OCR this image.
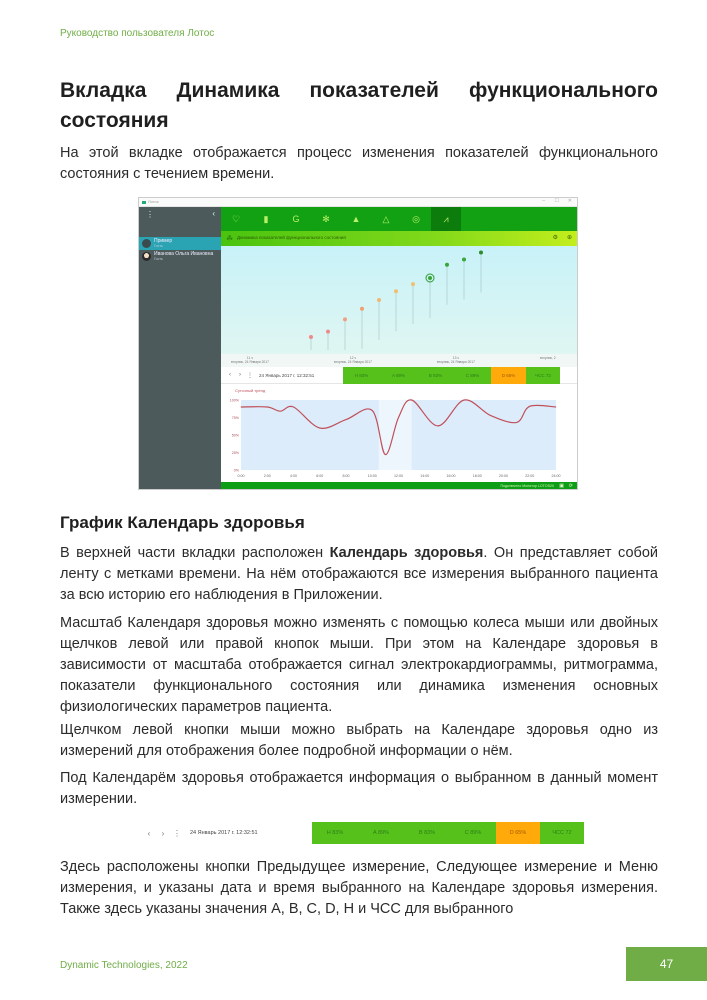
Руководство пользователя Лотос
Вкладка Динамика показателей функционального
состояния
На этой вкладке отображается процесс изменения показателей функционального состояния с течением времени.
Лотос	– ☐ ✕
⋮	‹
Пример
Гость
Иванова Ольга Ивановна
Гость
♡	▮	G	✻ ▲ △	◎	⩘
☘ Динамика показателей функционального состояния	⚙ ⊕
11 ч
вторник, 24 Января 2017
12 ч
вторник, 24 Января 2017
13 ч
вторник, 24 Января 2017
вторник, 2
‹	›	⋮	24 Январь 2017 г. 12:32:51	H 83%	A 89%	B 83%	C 89%	D 65%	ЧСС 72
Суточный тренд
0%
25%
50%
75%
100%
0:00	2:00	4:00	6:00	8:00	10:00	12:00	14:00	16:00	18:00	20:00	22:00	24:00
Подключено Монитор LOTOS20 ▣ ⟳
График Календарь здоровья
В верхней части вкладки расположен Календарь здоровья. Он представляет собой ленту с метками времени. На нём отображаются все измерения выбранного пациента за всю историю его наблюдения в Приложении.
Масштаб Календаря здоровья можно изменять с помощью колеса мыши или двойных щелчков левой или правой кнопок мыши. При этом на Календаре здоровья в зависимости от масштаба отображается сигнал электрокардиограммы, ритмограмма, показатели функционального состояния или динамика изменения основных физиологических параметров пациента.
Щелчком левой кнопки мыши можно выбрать на Календаре здоровья одно из измерений для отображения более подробной информации о нём.
Под Календарём здоровья отображается информация о выбранном в данный момент измерении.
‹	›	⋮	24 Январь 2017 г. 12:32:51	H 83%	A 89%	B 83%	C 89%	D 65%	ЧСС 72
Здесь расположены кнопки Предыдущее измерение, Следующее измерение и Меню измерения, и указаны дата и время выбранного на Календаре здоровья измерения. Также здесь указаны значения A, B, C, D, H и ЧСС для выбранного
Dynamic Technologies, 2022	47
